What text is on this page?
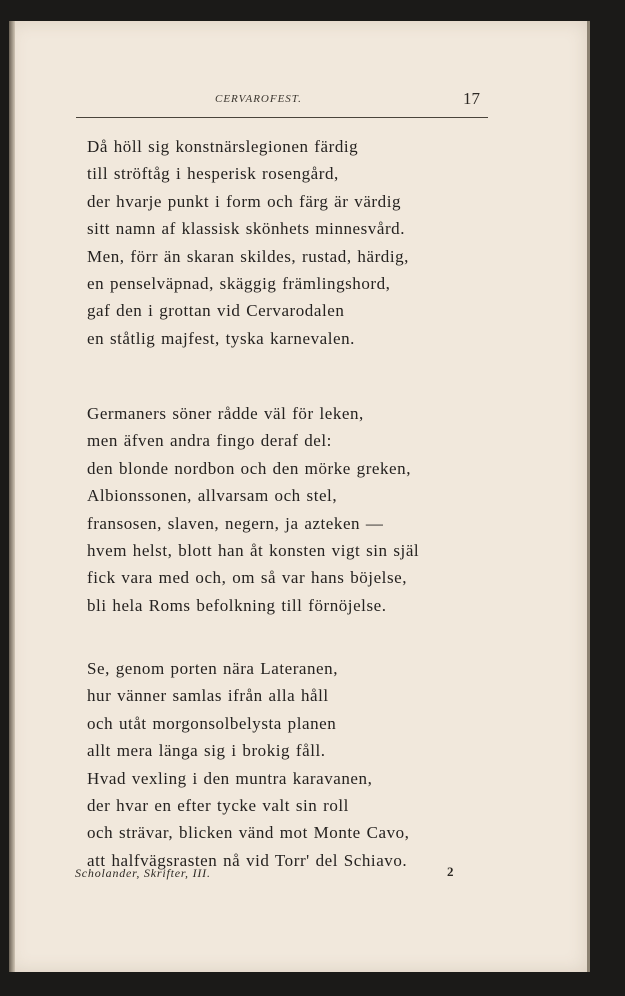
CERVAROFEST.	17
Då höll sig konstnärslegionen färdig
till ströftåg i hesperisk rosengård,
der hvarje punkt i form och färg är värdig
sitt namn af klassisk skönhets minnesvård.
Men, förr än skaran skildes, rustad, härdig,
en penselväpnad, skäggig främlingshord,
gaf den i grottan vid Cervarodalen
en ståtlig majfest, tyska karnevalen.
Germaners söner rådde väl för leken,
men äfven andra fingo deraf del:
den blonde nordbon och den mörke greken,
Albionssonen, allvarsam och stel,
fransosen, slaven, negern, ja azteken —
hvem helst, blott han åt konsten vigt sin själ
fick vara med och, om så var hans böjelse,
bli hela Roms befolkning till förnöjelse.
Se, genom porten nära Lateranen,
hur vänner samlas ifrån alla håll
och utåt morgonsolbelysta planen
allt mera länga sig i brokig fåll.
Hvad vexling i den muntra karavanen,
der hvar en efter tycke valt sin roll
och strävar, blicken vänd mot Monte Cavo,
att halfvägsrasten nå vid Torr' del Schiavo.
Scholander, Skrifter, III.	2
